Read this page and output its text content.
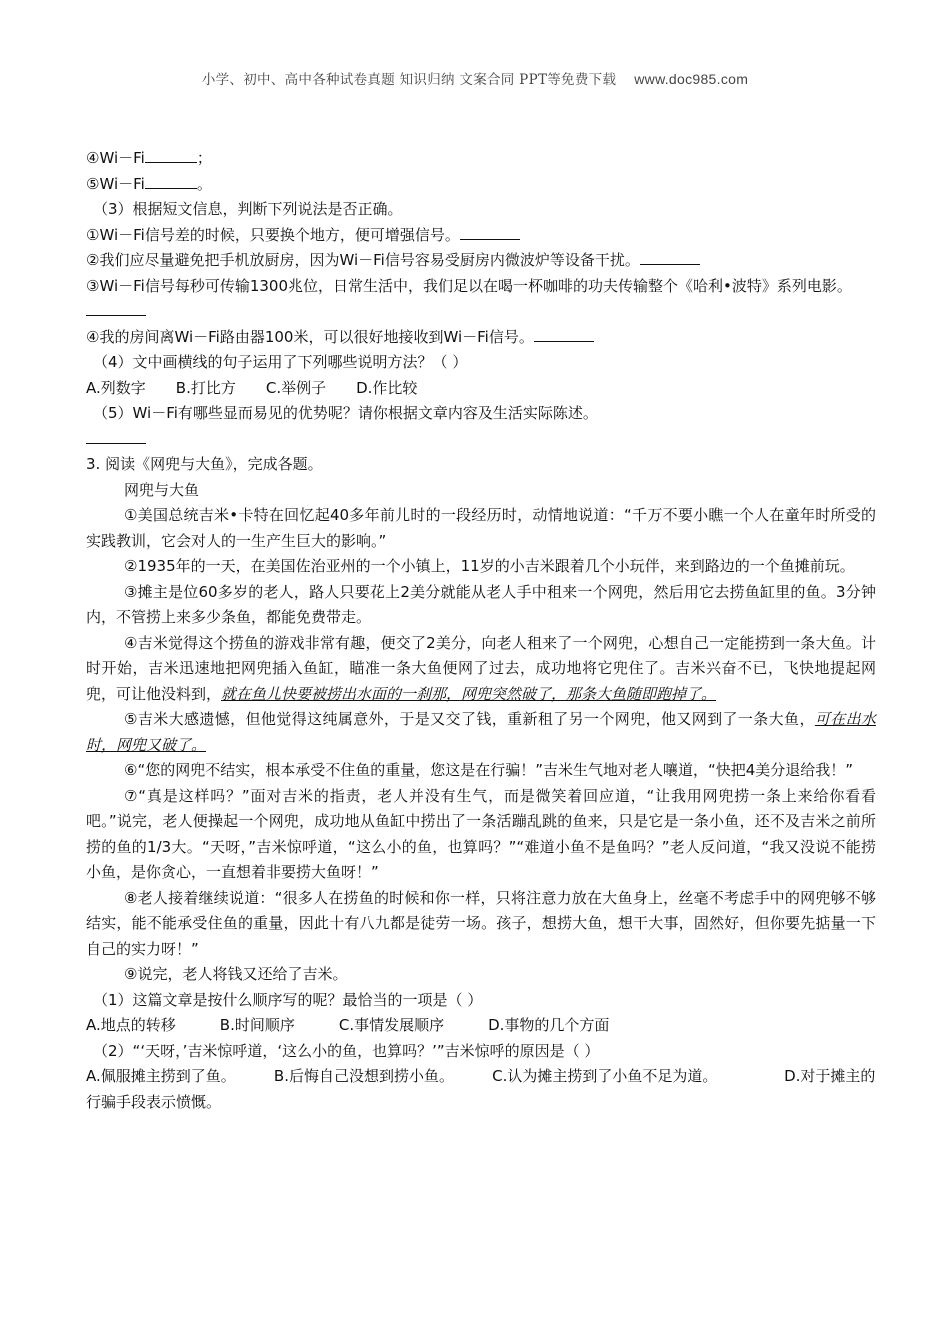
小学、初中、高中各种试卷真题 知识归纳 文案合同 PPT等免费下载 www.doc985.com

④Wi－Fi	；

⑤Wi－Fi	。

（3）根据短文信息，判断下列说法是否正确。

①Wi－Fi信号差的时候，只要换个地方，便可增强信号。

②我们应尽量避免把手机放厨房，因为Wi－Fi信号容易受厨房内微波炉等设备干扰。

③Wi－Fi信号每秒可传输1300兆位，日常生活中，我们足以在喝一杯咖啡的功夫传输整个《哈利•波特》系列电影。

④我的房间离Wi－Fi路由器100米，可以很好地接收到Wi－Fi信号。

（4）文中画横线的句子运用了下列哪些说明方法？（ ）

A.列数字 B.打比方 C.举例子 D.作比较

（5）Wi－Fi有哪些显而易见的优势呢？请你根据文章内容及生活实际陈述。

3. 阅读《网兜与大鱼》，完成各题。

网兜与大鱼

①美国总统吉米•卡特在回忆起40多年前儿时的一段经历时，动情地说道：“千万不要小瞧一个人在童年时所受的实践教训，它会对人的一生产生巨大的影响。”

②1935年的一天，在美国佐治亚州的一个小镇上，11岁的小吉米跟着几个小玩伴，来到路边的一个鱼摊前玩。

③摊主是位60多岁的老人，路人只要花上2美分就能从老人手中租来一个网兜，然后用它去捞鱼缸里的鱼。3分钟内，不管捞上来多少条鱼，都能免费带走。

④吉米觉得这个捞鱼的游戏非常有趣，便交了2美分，向老人租来了一个网兜，心想自己一定能捞到一条大鱼。计时开始，吉米迅速地把网兜插入鱼缸，瞄准一条大鱼便网了过去，成功地将它兜住了。吉米兴奋不已，飞快地提起网兜，可让他没料到，就在鱼儿快要被捞出水面的一刹那，网兜突然破了，那条大鱼随即跑掉了。

⑤吉米大感遗憾，但他觉得这纯属意外，于是又交了钱，重新租了另一个网兜，他又网到了一条大鱼，可在出水时，网兜又破了。

⑥“您的网兜不结实，根本承受不住鱼的重量，您这是在行骗！”吉米生气地对老人嚷道，“快把4美分退给我！”

⑦“真是这样吗？”面对吉米的指责，老人并没有生气，而是微笑着回应道，“让我用网兜捞一条上来给你看看吧。”说完，老人便操起一个网兜，成功地从鱼缸中捞出了一条活蹦乱跳的鱼来，只是它是一条小鱼，还不及吉米之前所捞的鱼的1/3大。“天呀，”吉米惊呼道，“这么小的鱼，也算吗？”“难道小鱼不是鱼吗？”老人反问道，“我又没说不能捞小鱼，是你贪心，一直想着非要捞大鱼呀！”

⑧老人接着继续说道：“很多人在捞鱼的时候和你一样，只将注意力放在大鱼身上，丝毫不考虑手中的网兜够不够结实，能不能承受住鱼的重量，因此十有八九都是徒劳一场。孩子，想捞大鱼，想干大事，固然好，但你要先掂量一下自己的实力呀！”

⑨说完，老人将钱又还给了吉米。

（1）这篇文章是按什么顺序写的呢？最恰当的一项是（ ）

A.地点的转移	B.时间顺序	C.事情发展顺序	D.事物的几个方面

（2）“‘天呀，’吉米惊呼道，‘这么小的鱼，也算吗？’”吉米惊呼的原因是（ ）

A.佩服摊主捞到了鱼。        B.后悔自己没想到捞小鱼。        C.认为摊主捞到了小鱼不足为道。              D.对于摊主的行骗手段表示愤慨。
